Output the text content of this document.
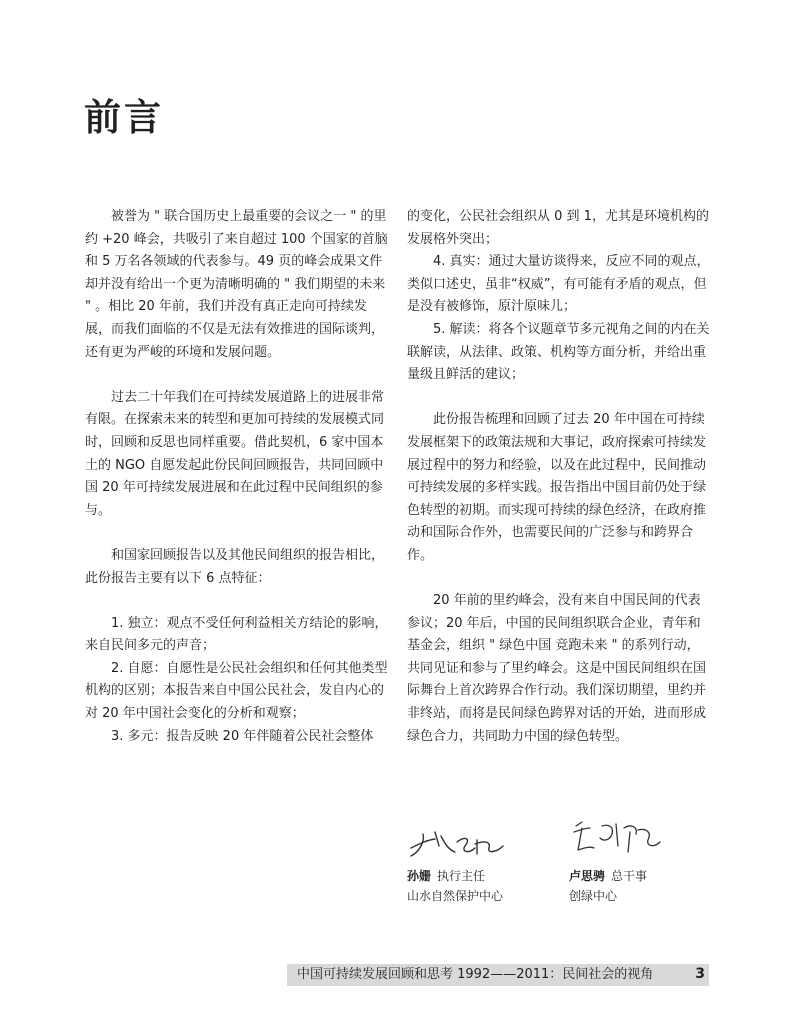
前言

被誉为 " 联合国历史上最重要的会议之一 " 的里约 +20 峰会，共吸引了来自超过 100 个国家的首脑和 5 万名各领域的代表参与。49 页的峰会成果文件却并没有给出一个更为清晰明确的 " 我们期望的未来 " 。相比 20 年前，我们并没有真正走向可持续发展，而我们面临的不仅是无法有效推进的国际谈判，还有更为严峻的环境和发展问题。

过去二十年我们在可持续发展道路上的进展非常有限。在探索未来的转型和更加可持续的发展模式同时，回顾和反思也同样重要。借此契机，6 家中国本土的 NGO 自愿发起此份民间回顾报告，共同回顾中国 20 年可持续发展进展和在此过程中民间组织的参与。

和国家回顾报告以及其他民间组织的报告相比，此份报告主要有以下 6 点特征：

1. 独立：观点不受任何利益相关方结论的影响，来自民间多元的声音；

2. 自愿：自愿性是公民社会组织和任何其他类型机构的区别；本报告来自中国公民社会，发自内心的对 20 年中国社会变化的分析和观察；

3. 多元：报告反映 20 年伴随着公民社会整体

的变化，公民社会组织从 0 到 1，尤其是环境机构的发展格外突出；

4. 真实：通过大量访谈得来，反应不同的观点，类似口述史，虽非“权威”，有可能有矛盾的观点，但是没有被修饰，原汁原味儿；

5. 解读：将各个议题章节多元视角之间的内在关联解读，从法律、政策、机构等方面分析，并给出重量级且鲜活的建议；

此份报告梳理和回顾了过去 20 年中国在可持续发展框架下的政策法规和大事记，政府探索可持续发展过程中的努力和经验，以及在此过程中，民间推动可持续发展的多样实践。报告指出中国目前仍处于绿色转型的初期。而实现可持续的绿色经济，在政府推动和国际合作外，也需要民间的广泛参与和跨界合作。

20 年前的里约峰会，没有来自中国民间的代表参议；20 年后，中国的民间组织联合企业，青年和基金会，组织 " 绿色中国 竞跑未来 " 的系列行动，共同见证和参与了里约峰会。这是中国民间组织在国际舞台上首次跨界合作行动。我们深切期望，里约并非终站，而将是民间绿色跨界对话的开始，进而形成绿色合力，共同助力中国的绿色转型。

孙姗 执行主任
山水自然保护中心
卢思骋 总干事
创绿中心
中国可持续发展回顾和思考 1992——2011：民间社会的视角	3
